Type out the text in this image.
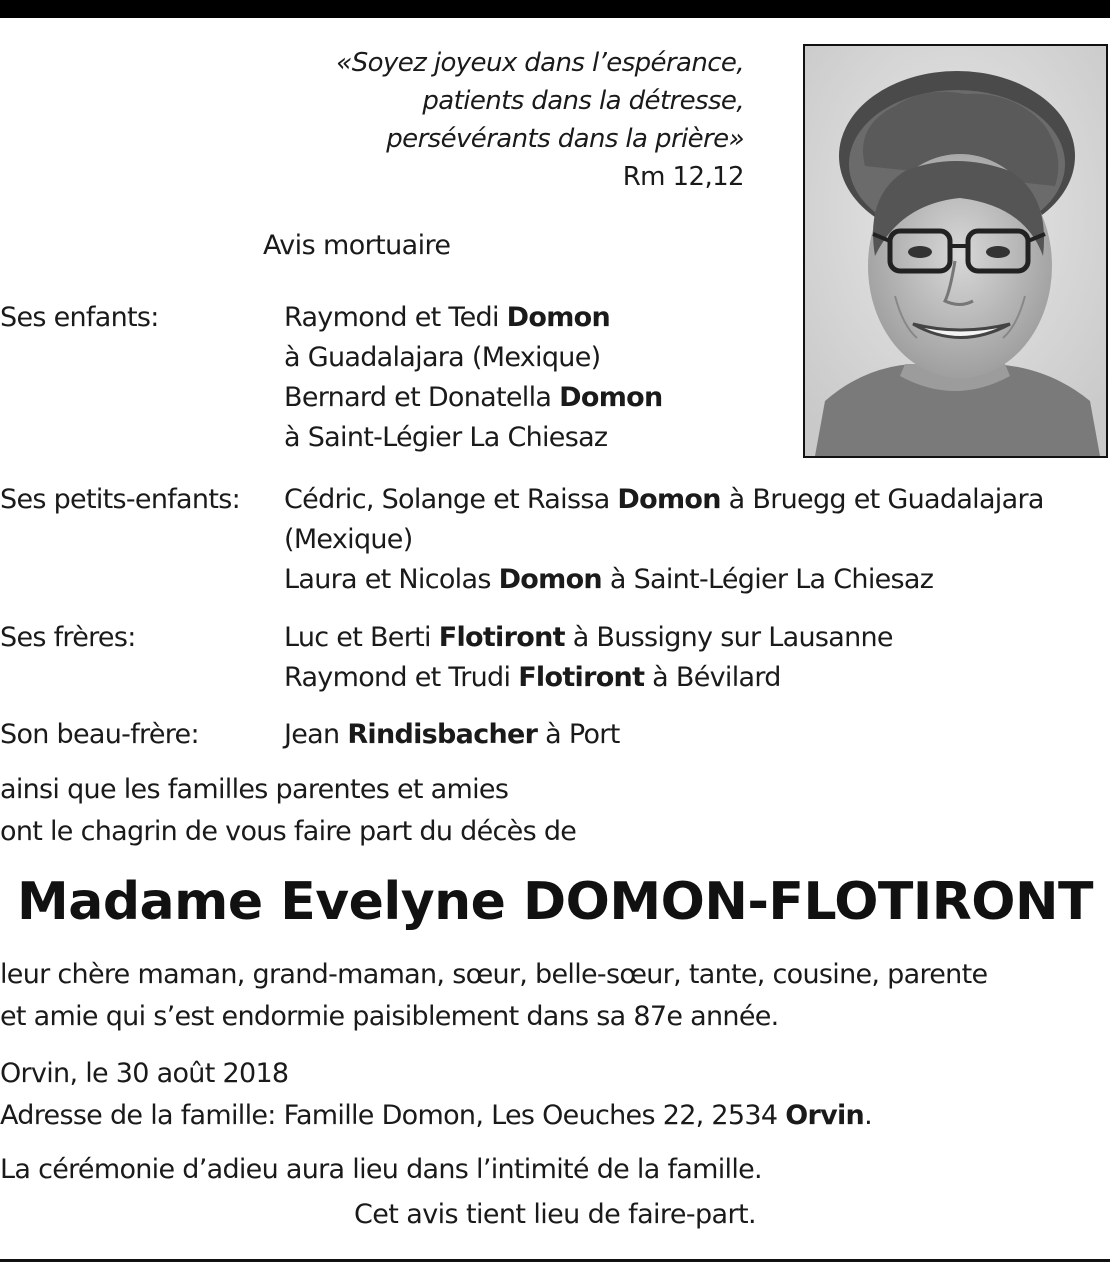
«Soyez joyeux dans l’espérance,
patients dans la détresse,
persévérants dans la prière»
Rm 12,12
Avis mortuaire
Ses enfants:	Raymond et Tedi Domon
à Guadalajara (Mexique)
Bernard et Donatella Domon
à Saint-Légier La Chiesaz
Ses petits-enfants: Cédric, Solange et Raissa Domon à Bruegg et Guadalajara (Mexique)
Laura et Nicolas Domon à Saint-Légier La Chiesaz
Ses frères:	Luc et Berti Flotiront à Bussigny sur Lausanne
Raymond et Trudi Flotiront à Bévilard
Son beau-frère:	Jean Rindisbacher à Port
ainsi que les familles parentes et amies
ont le chagrin de vous faire part du décès de
Madame Evelyne DOMON-FLOTIRONT
leur chère maman, grand-maman, sœur, belle-sœur, tante, cousine, parente
et amie qui s’est endormie paisiblement dans sa 87e année.
Orvin, le 30 août 2018
Adresse de la famille: Famille Domon, Les Oeuches 22, 2534 Orvin.
La cérémonie d’adieu aura lieu dans l’intimité de la famille.
Cet avis tient lieu de faire-part.
